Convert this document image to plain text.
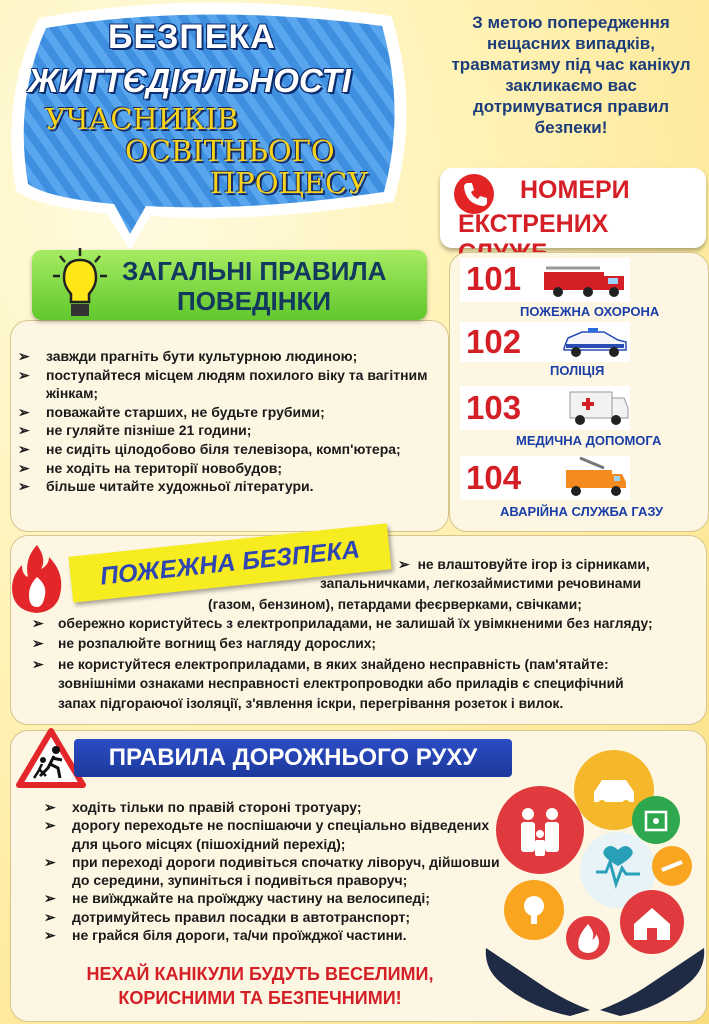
БЕЗПЕКА
ЖИТТЄДІЯЛЬНОСТІ
УЧАСНИКІВ
ОСВІТНЬОГО
ПРОЦЕСУ
З метою попередження нещасних випадків, травматизму під час канікул закликаємо вас дотримуватися правил безпеки!
НОМЕРИ
ЕКСТРЕНИХ
ЗАГАЛЬНІ ПРАВИЛА
ПОВЕДІНКИ
➢ завжди прагніть бути культурною людиною;
➢ поступайтеся місцем людям похилого віку та вагітним жінкам;
➢ поважайте старших, не будьте грубими;
➢ не гуляйте пізніше 21 години;
➢ не сидіть цілодобово біля телевізора, комп'ютера;
➢ не ходіть на території новобудов;
➢ більше читайте художньої літератури.
101
ПОЖЕЖНА ОХОРОНА
102
ПОЛІЦІЯ
103
МЕДИЧНА ДОПОМОГА
104
АВАРІЙНА СЛУЖБА ГАЗУ
ПОЖЕЖНА БЕЗПЕКА	➢ не влаштовуйте ігор із сірниками,
запальничками, легкозаймистими речовинами
(газом, бензином), петардами феєрверками, свічками;
➢ обережно користуйтесь з електроприладами, не залишай їх увімкненими без нагляду;
➢ не розпалюйте вогнищ без нагляду дорослих;
➢ не користуйтеся електроприладами, в яких знайдено несправність (пам'ятайте:
зовнішніми ознаками несправності електропроводки або приладів є специфічний
запах підгораючої ізоляції, з'явлення іскри, перегрівання розеток і вилок.
ПРАВИЛА ДОРОЖНЬОГО РУХУ
➢ ходіть тільки по правій стороні тротуару;
➢ дорогу переходьте не поспішаючи у спеціально відведених для цього місцях (пішохідний перехід);
➢ при переході дороги подивіться спочатку ліворуч, дійшовши до середини, зупиніться і подивіться праворуч;
➢ не виїжджайте на проїжджу частину на велосипеді;
➢ дотримуйтесь правил посадки в автотранспорт;
➢ не грайся біля дороги, та/чи проїжджої частини.
НЕХАЙ КАНІКУЛИ БУДУТЬ ВЕСЕЛИМИ,
КОРИСНИМИ ТА БЕЗПЕЧНИМИ!
